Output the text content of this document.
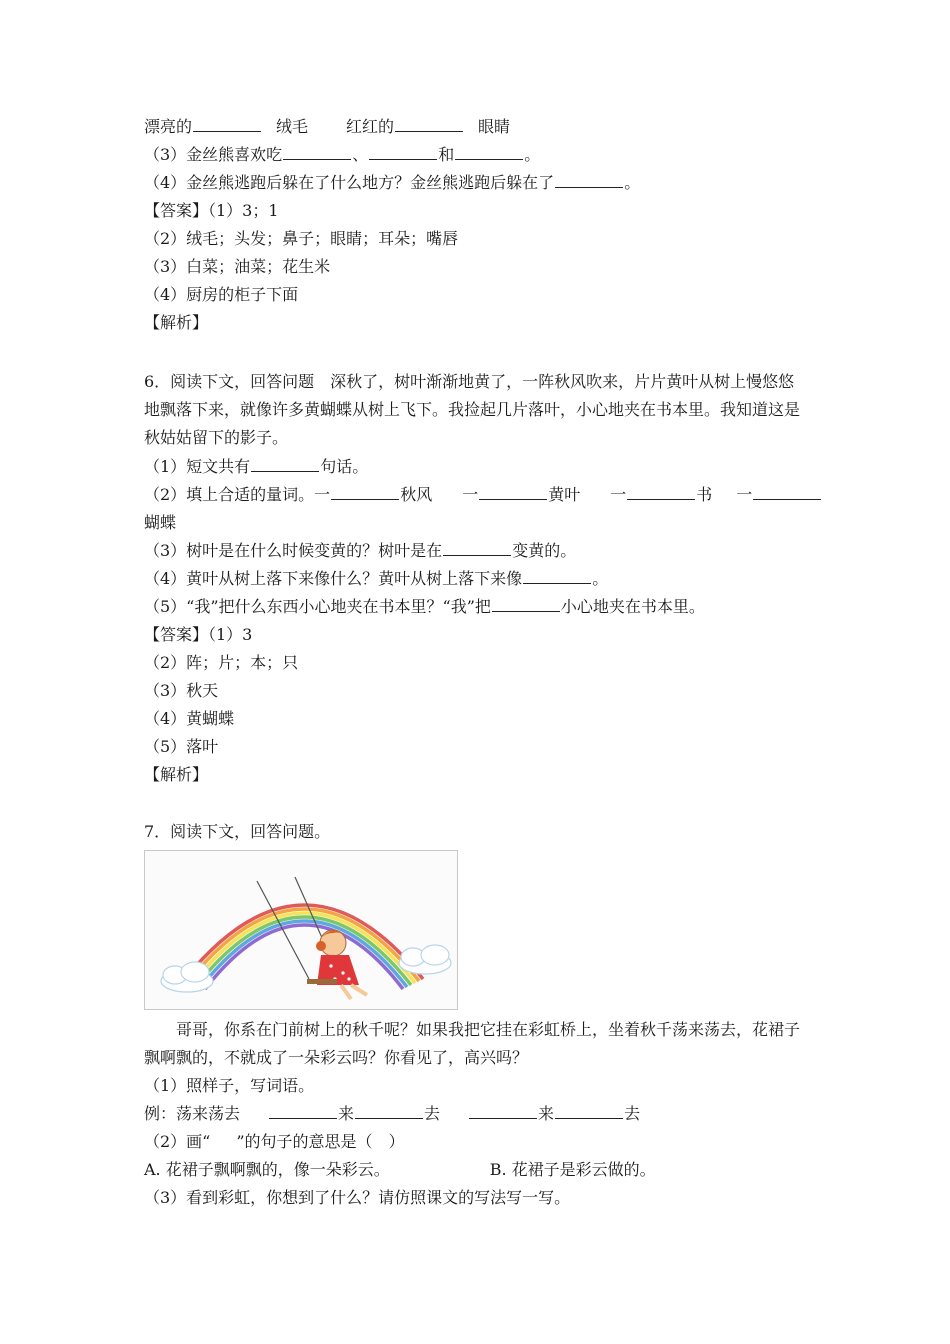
漂亮的	绒毛 红红的	眼睛
（3）金丝熊喜欢吃	、	和	。
（4）金丝熊逃跑后躲在了什么地方？金丝熊逃跑后躲在了	。
【答案】（1）3；1
（2）绒毛；头发；鼻子；眼睛；耳朵；嘴唇
（3）白菜；油菜；花生米
（4）厨房的柜子下面
【解析】
6．阅读下文，回答问题　深秋了，树叶渐渐地黄了，一阵秋风吹来，片片黄叶从树上慢悠悠地飘落下来，就像许多黄蝴蝶从树上飞下。我捡起几片落叶，小心地夹在书本里。我知道这是秋姑姑留下的影子。
（1）短文共有	句话。
（2）填上合适的量词。一	秋风 一	黄叶 一	书 一
蝴蝶
（3）树叶是在什么时候变黄的？树叶是在	变黄的。
（4）黄叶从树上落下来像什么？黄叶从树上落下来像	。
（5）“我”把什么东西小心地夹在书本里？“我”把	小心地夹在书本里。
【答案】（1）3
（2）阵；片；本；只
（3）秋天
（4）黄蝴蝶
（5）落叶
【解析】
7．阅读下文，回答问题。
哥哥，你系在门前树上的秋千呢？如果我把它挂在彩虹桥上，坐着秋千荡来荡去，花裙子飘啊飘的，不就成了一朵彩云吗？你看见了，高兴吗？
（1）照样子，写词语。
例：荡来荡去	来	去	来	去
（2）画“ ”的句子的意思是（　）
A. 花裙子飘啊飘的，像一朵彩云。	B. 花裙子是彩云做的。
（3）看到彩虹，你想到了什么？请仿照课文的写法写一写。
